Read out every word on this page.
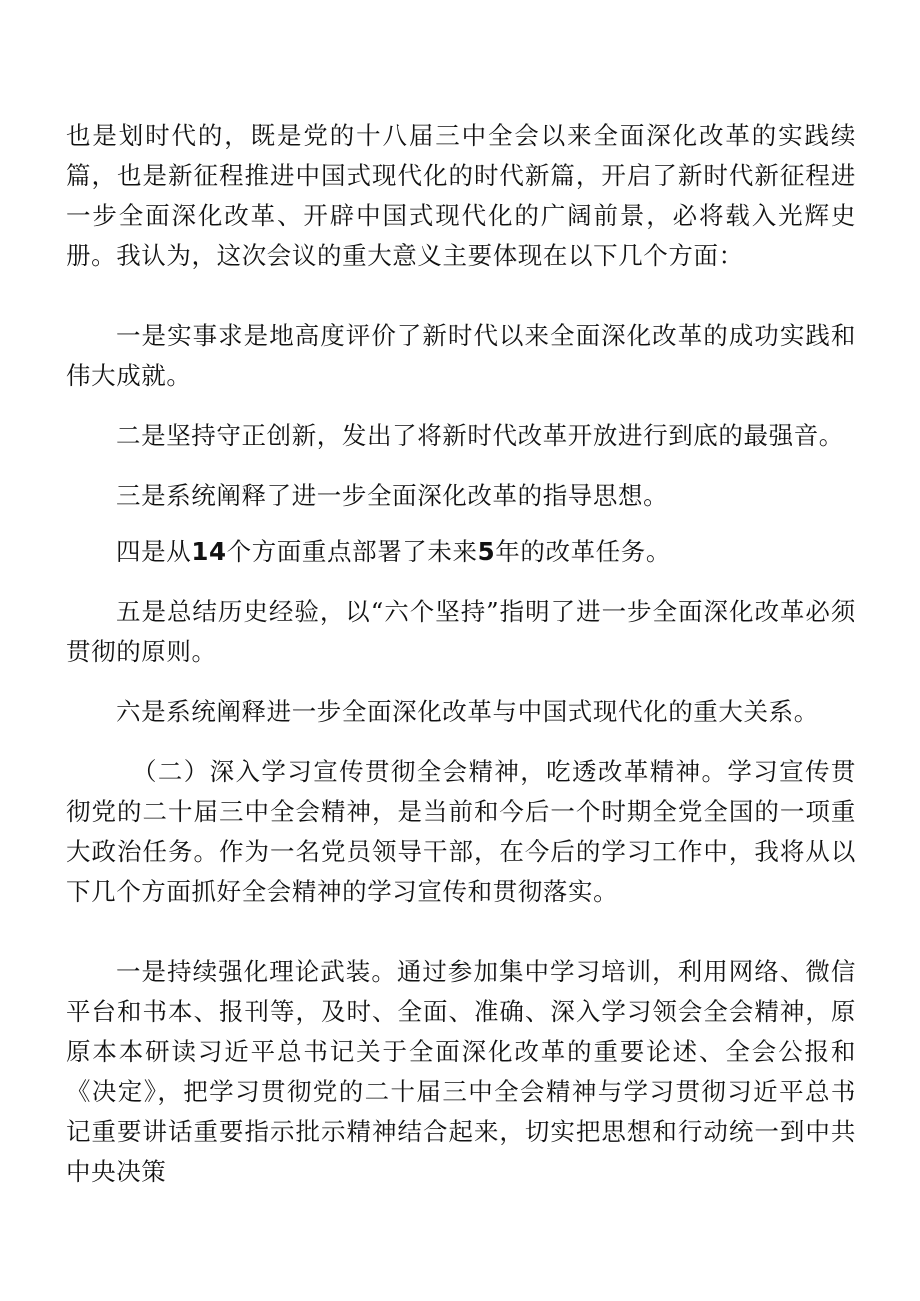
也是划时代的，既是党的十八届三中全会以来全面深化改革的实践续篇，也是新征程推进中国式现代化的时代新篇，开启了新时代新征程进一步全面深化改革、开辟中国式现代化的广阔前景，必将载入光辉史册。我认为，这次会议的重大意义主要体现在以下几个方面：

一是实事求是地高度评价了新时代以来全面深化改革的成功实践和伟大成就。

二是坚持守正创新，发出了将新时代改革开放进行到底的最强音。

三是系统阐释了进一步全面深化改革的指导思想。

四是从14个方面重点部署了未来5年的改革任务。

五是总结历史经验，以“六个坚持”指明了进一步全面深化改革必须贯彻的原则。

六是系统阐释进一步全面深化改革与中国式现代化的重大关系。

（二）深入学习宣传贯彻全会精神，吃透改革精神。学习宣传贯彻党的二十届三中全会精神，是当前和今后一个时期全党全国的一项重大政治任务。作为一名党员领导干部，在今后的学习工作中，我将从以下几个方面抓好全会精神的学习宣传和贯彻落实。

一是持续强化理论武装。通过参加集中学习培训，利用网络、微信平台和书本、报刊等，及时、全面、准确、深入学习领会全会精神，原原本本研读习近平总书记关于全面深化改革的重要论述、全会公报和《决定》，把学习贯彻党的二十届三中全会精神与学习贯彻习近平总书记重要讲话重要指示批示精神结合起来，切实把思想和行动统一到中共中央决策
